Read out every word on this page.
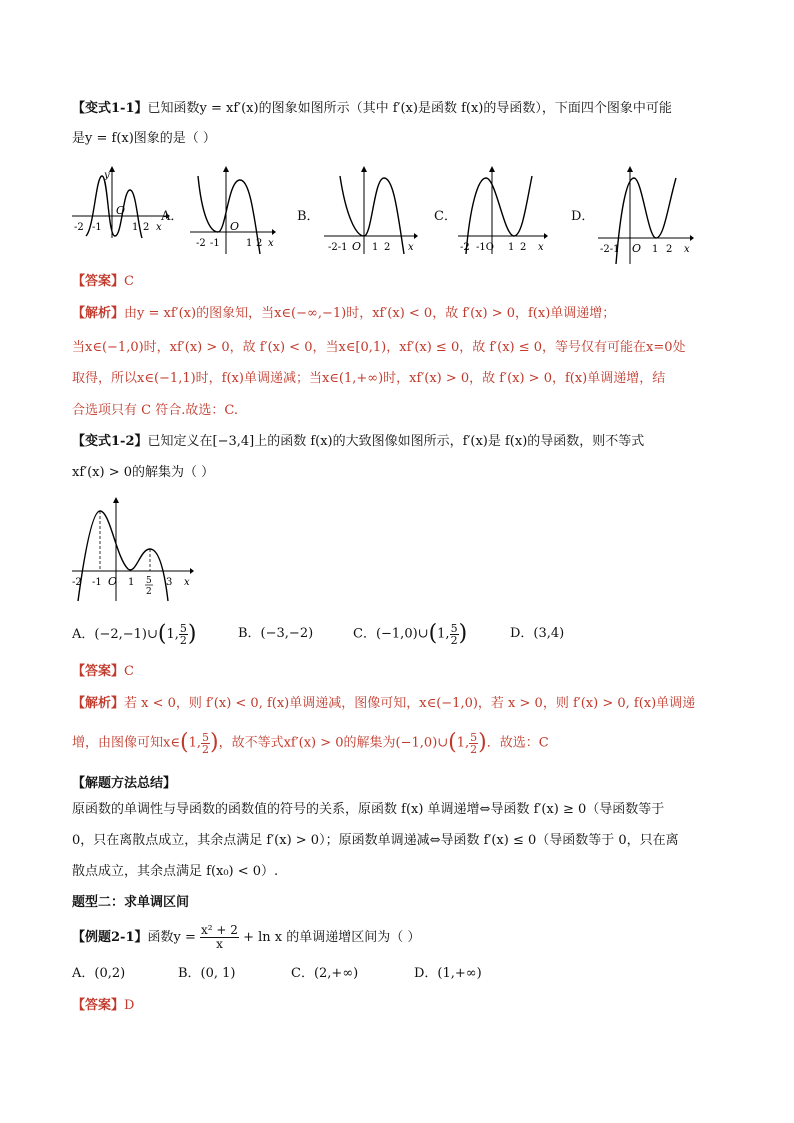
【变式1-1】已知函数y = xf′(x)的图象如图所示（其中 f′(x)是函数 f(x)的导函数），下面四个图象中可能
是y = f(x)图象的是（ ）
-2 -1
O
1 2 x
y
A．
-2 -1
O
1 2 x
B．
-2-1 O 1 2 x
C．
-2 -1O 1 2 x
D．
-2-1 O 1 2 x
【答案】C
【解析】由y = xf′(x)的图象知，当x∈(−∞,−1)时，xf′(x) < 0，故 f′(x) > 0，f(x)单调递增；
当x∈(−1,0)时，xf′(x) > 0，故 f′(x) < 0，当x∈[0,1)，xf′(x) ≤ 0，故 f′(x) ≤ 0，等号仅有可能在x=0处
取得，所以x∈(−1,1)时，f(x)单调递减；当x∈(1,+∞)时，xf′(x) > 0，故 f′(x) > 0，f(x)单调递增，结
合选项只有 C 符合.故选：C.
【变式1-2】已知定义在[−3,4]上的函数 f(x)的大致图像如图所示，f′(x)是 f(x)的导函数，则不等式
xf′(x) > 0的解集为（ ）
-2 -1 O 1 5
2
3 x
A．(−2,−1)∪(1, $\frac{5}{2}$ )	B．(−3,−2)	C．(−1,0)∪(1, $\frac{5}{2}$ )	D．(3,4)
【答案】C
【解析】若 x < 0，则 f′(x) < 0, f(x)单调递减，图像可知，x∈(−1,0)，若 x > 0，则 f′(x) > 0, f(x)单调递
增，由图像可知x∈(1, $\frac{5}{2}$ )，故不等式xf′(x) > 0的解集为(−1,0)∪(1, $\frac{5}{2}$ )．故选：C
【解题方法总结】
原函数的单调性与导函数的函数值的符号的关系，原函数 f(x) 单调递增⇔导函数 f′(x) ≥ 0（导函数等于
0，只在离散点成立，其余点满足 f′(x) > 0）；原函数单调递减⇔导函数 f′(x) ≤ 0（导函数等于 0，只在离
散点成立，其余点满足 f(x₀) < 0）.
题型二：求单调区间
【例题2-1】函数$y = \frac{\text{x² + 2}}{x} + \ln x$ 的单调递增区间为（ ）
A．(0,2)	B．(0, 1)	C．(2,+∞)	D．(1,+∞)
【答案】D
